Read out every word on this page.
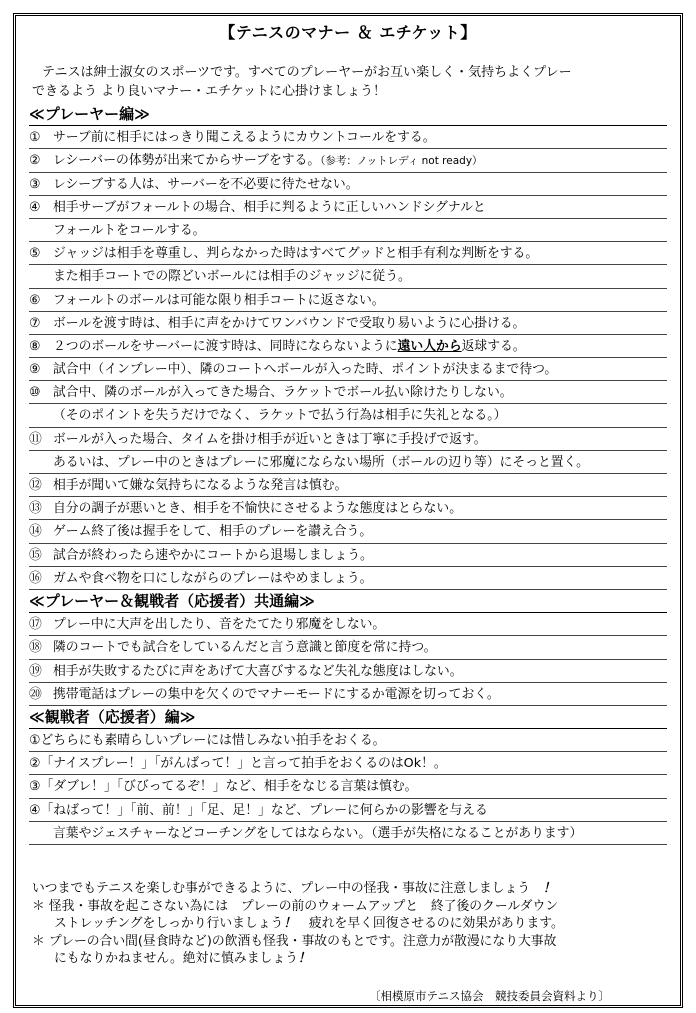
【テニスのマナー ＆ エチケット】
テニスは紳士淑女のスポーツです。すべてのプレーヤーがお互い楽しく・気持ちよくプレー
できるよう より良いマナー・エチケットに心掛けましょう！
≪プレーヤー編≫
① サーブ前に相手にはっきり聞こえるようにカウントコールをする。
② レシーバーの体勢が出来てからサーブをする。（参考：ノットレディ not ready）
③ レシーブする人は、サーバーを不必要に待たせない。
④ 相手サーブがフォールトの場合、相手に判るように正しいハンドシグナルと
フォールトをコールする。
⑤ ジャッジは相手を尊重し、判らなかった時はすべてグッドと相手有利な判断をする。
また相手コートでの際どいボールには相手のジャッジに従う。
⑥ フォールトのボールは可能な限り相手コートに返さない。
⑦ ボールを渡す時は、相手に声をかけてワンバウンドで受取り易いように心掛ける。
⑧ ２つのボールをサーバーに渡す時は、同時にならないように遠い人から返球する。
⑨ 試合中（インプレー中）、隣のコートへボールが入った時、ポイントが決まるまで待つ。
⑩ 試合中、隣のボールが入ってきた場合、ラケットでボール払い除けたりしない。
（そのポイントを失うだけでなく、ラケットで払う行為は相手に失礼となる。）
⑪ ボールが入った場合、タイムを掛け相手が近いときは丁寧に手投げで返す。
あるいは、プレー中のときはプレーに邪魔にならない場所（ボールの辺り等）にそっと置く。
⑫ 相手が聞いて嫌な気持ちになるような発言は慎む。
⑬ 自分の調子が悪いとき、相手を不愉快にさせるような態度はとらない。
⑭ ゲーム終了後は握手をして、相手のプレーを讃え合う。
⑮ 試合が終わったら速やかにコートから退場しましょう。
⑯ ガムや食べ物を口にしながらのプレーはやめましょう。
≪プレーヤー＆観戦者（応援者）共通編≫
⑰ プレー中に大声を出したり、音をたてたり邪魔をしない。
⑱ 隣のコートでも試合をしているんだと言う意識と節度を常に持つ。
⑲ 相手が失敗するたびに声をあげて大喜びするなど失礼な態度はしない。
⑳ 携帯電話はプレーの集中を欠くのでマナーモードにするか電源を切っておく。
≪観戦者（応援者）編≫
①どちらにも素晴らしいプレーには惜しみない拍手をおくる。
②「ナイスプレー！」「がんばって！」と言って拍手をおくるのはOk！。
③「ダブレ！」「びびってるぞ！」など、相手をなじる言葉は慎む。
④「ねばって！」「前、前！」「足、足！」など、プレーに何らかの影響を与える
言葉やジェスチャーなどコーチングをしてはならない。（選手が失格になることがあります）
いつまでもテニスを楽しむ事ができるように、プレー中の怪我・事故に注意しましょう　 ！
＊ 怪我・事故を起こさない為には　プレーの前のウォームアップと　終了後のクールダウン
ストレッチングをしっかり行いましょう！　 疲れを早く回復させるのに効果があります。
＊ プレーの合い間(昼食時など)の飲酒も怪我・事故のもとです。注意力が散漫になり大事故
にもなりかねません。絶対に慎みましょう！
〔相模原市テニス協会　競技委員会資料より〕
